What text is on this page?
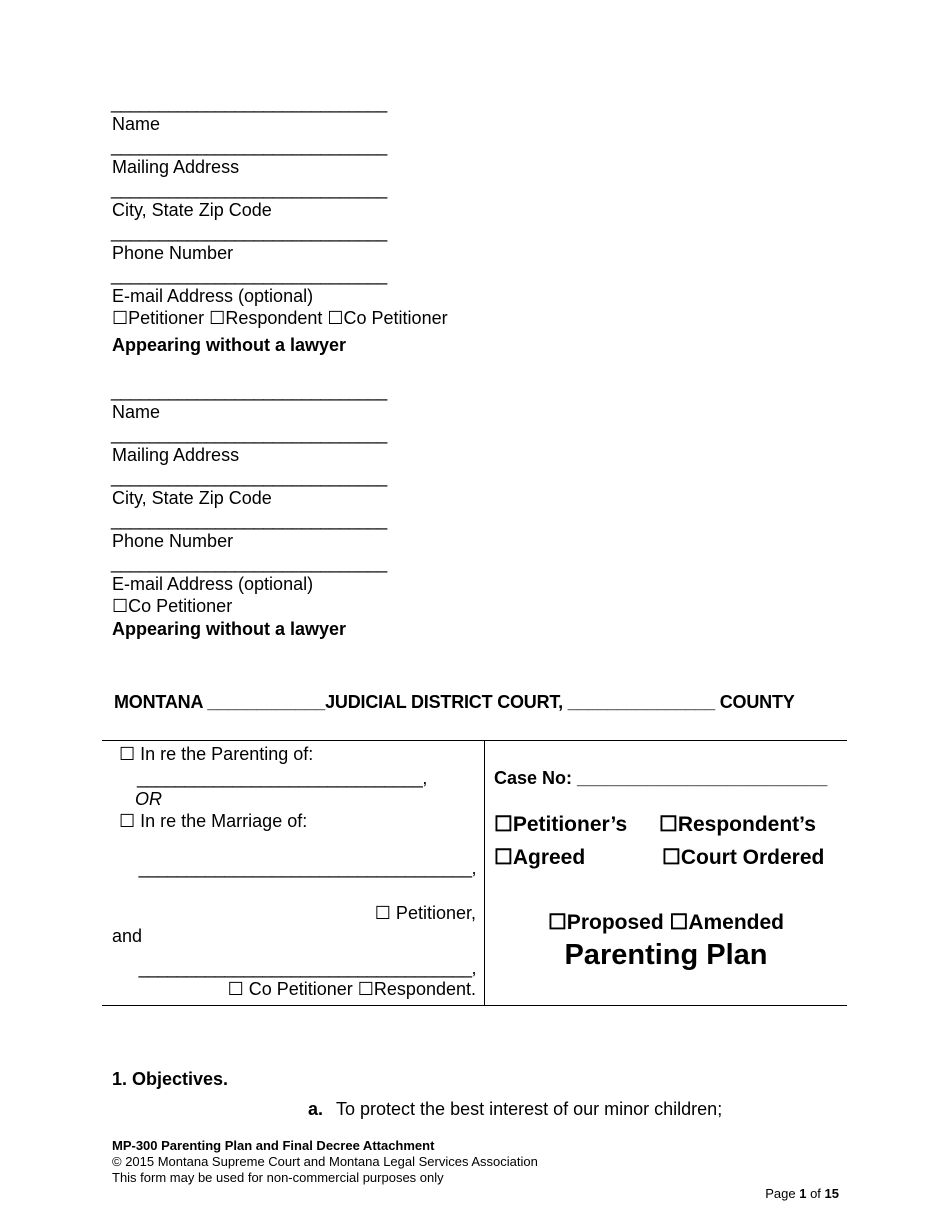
_____________________________
Name
_____________________________
Mailing Address
_____________________________
City, State Zip Code
_____________________________
Phone Number
_____________________________
E-mail Address (optional)
☐Petitioner ☐Respondent ☐Co Petitioner
Appearing without a lawyer
_____________________________
Name
_____________________________
Mailing Address
_____________________________
City, State Zip Code
_____________________________
Phone Number
_____________________________
E-mail Address (optional)
☐Co Petitioner
Appearing without a lawyer
MONTANA ____________JUDICIAL DISTRICT COURT, _______________ COUNTY
☐ In re the Parenting of:
______________________________,
OR
☐ In re the Marriage of:
___________________________________,
☐ Petitioner,
and
___________________________________,
☐ Co Petitioner ☐Respondent.
Case No: _________________________
☐Petitioner’s ☐Respondent’s
☐Agreed	☐Court Ordered
☐Proposed ☐Amended
Parenting Plan
1. Objectives.
a. To protect the best interest of our minor children;
MP-300 Parenting Plan and Final Decree Attachment
© 2015 Montana Supreme Court and Montana Legal Services Association
This form may be used for non-commercial purposes only
Page 1 of 15
